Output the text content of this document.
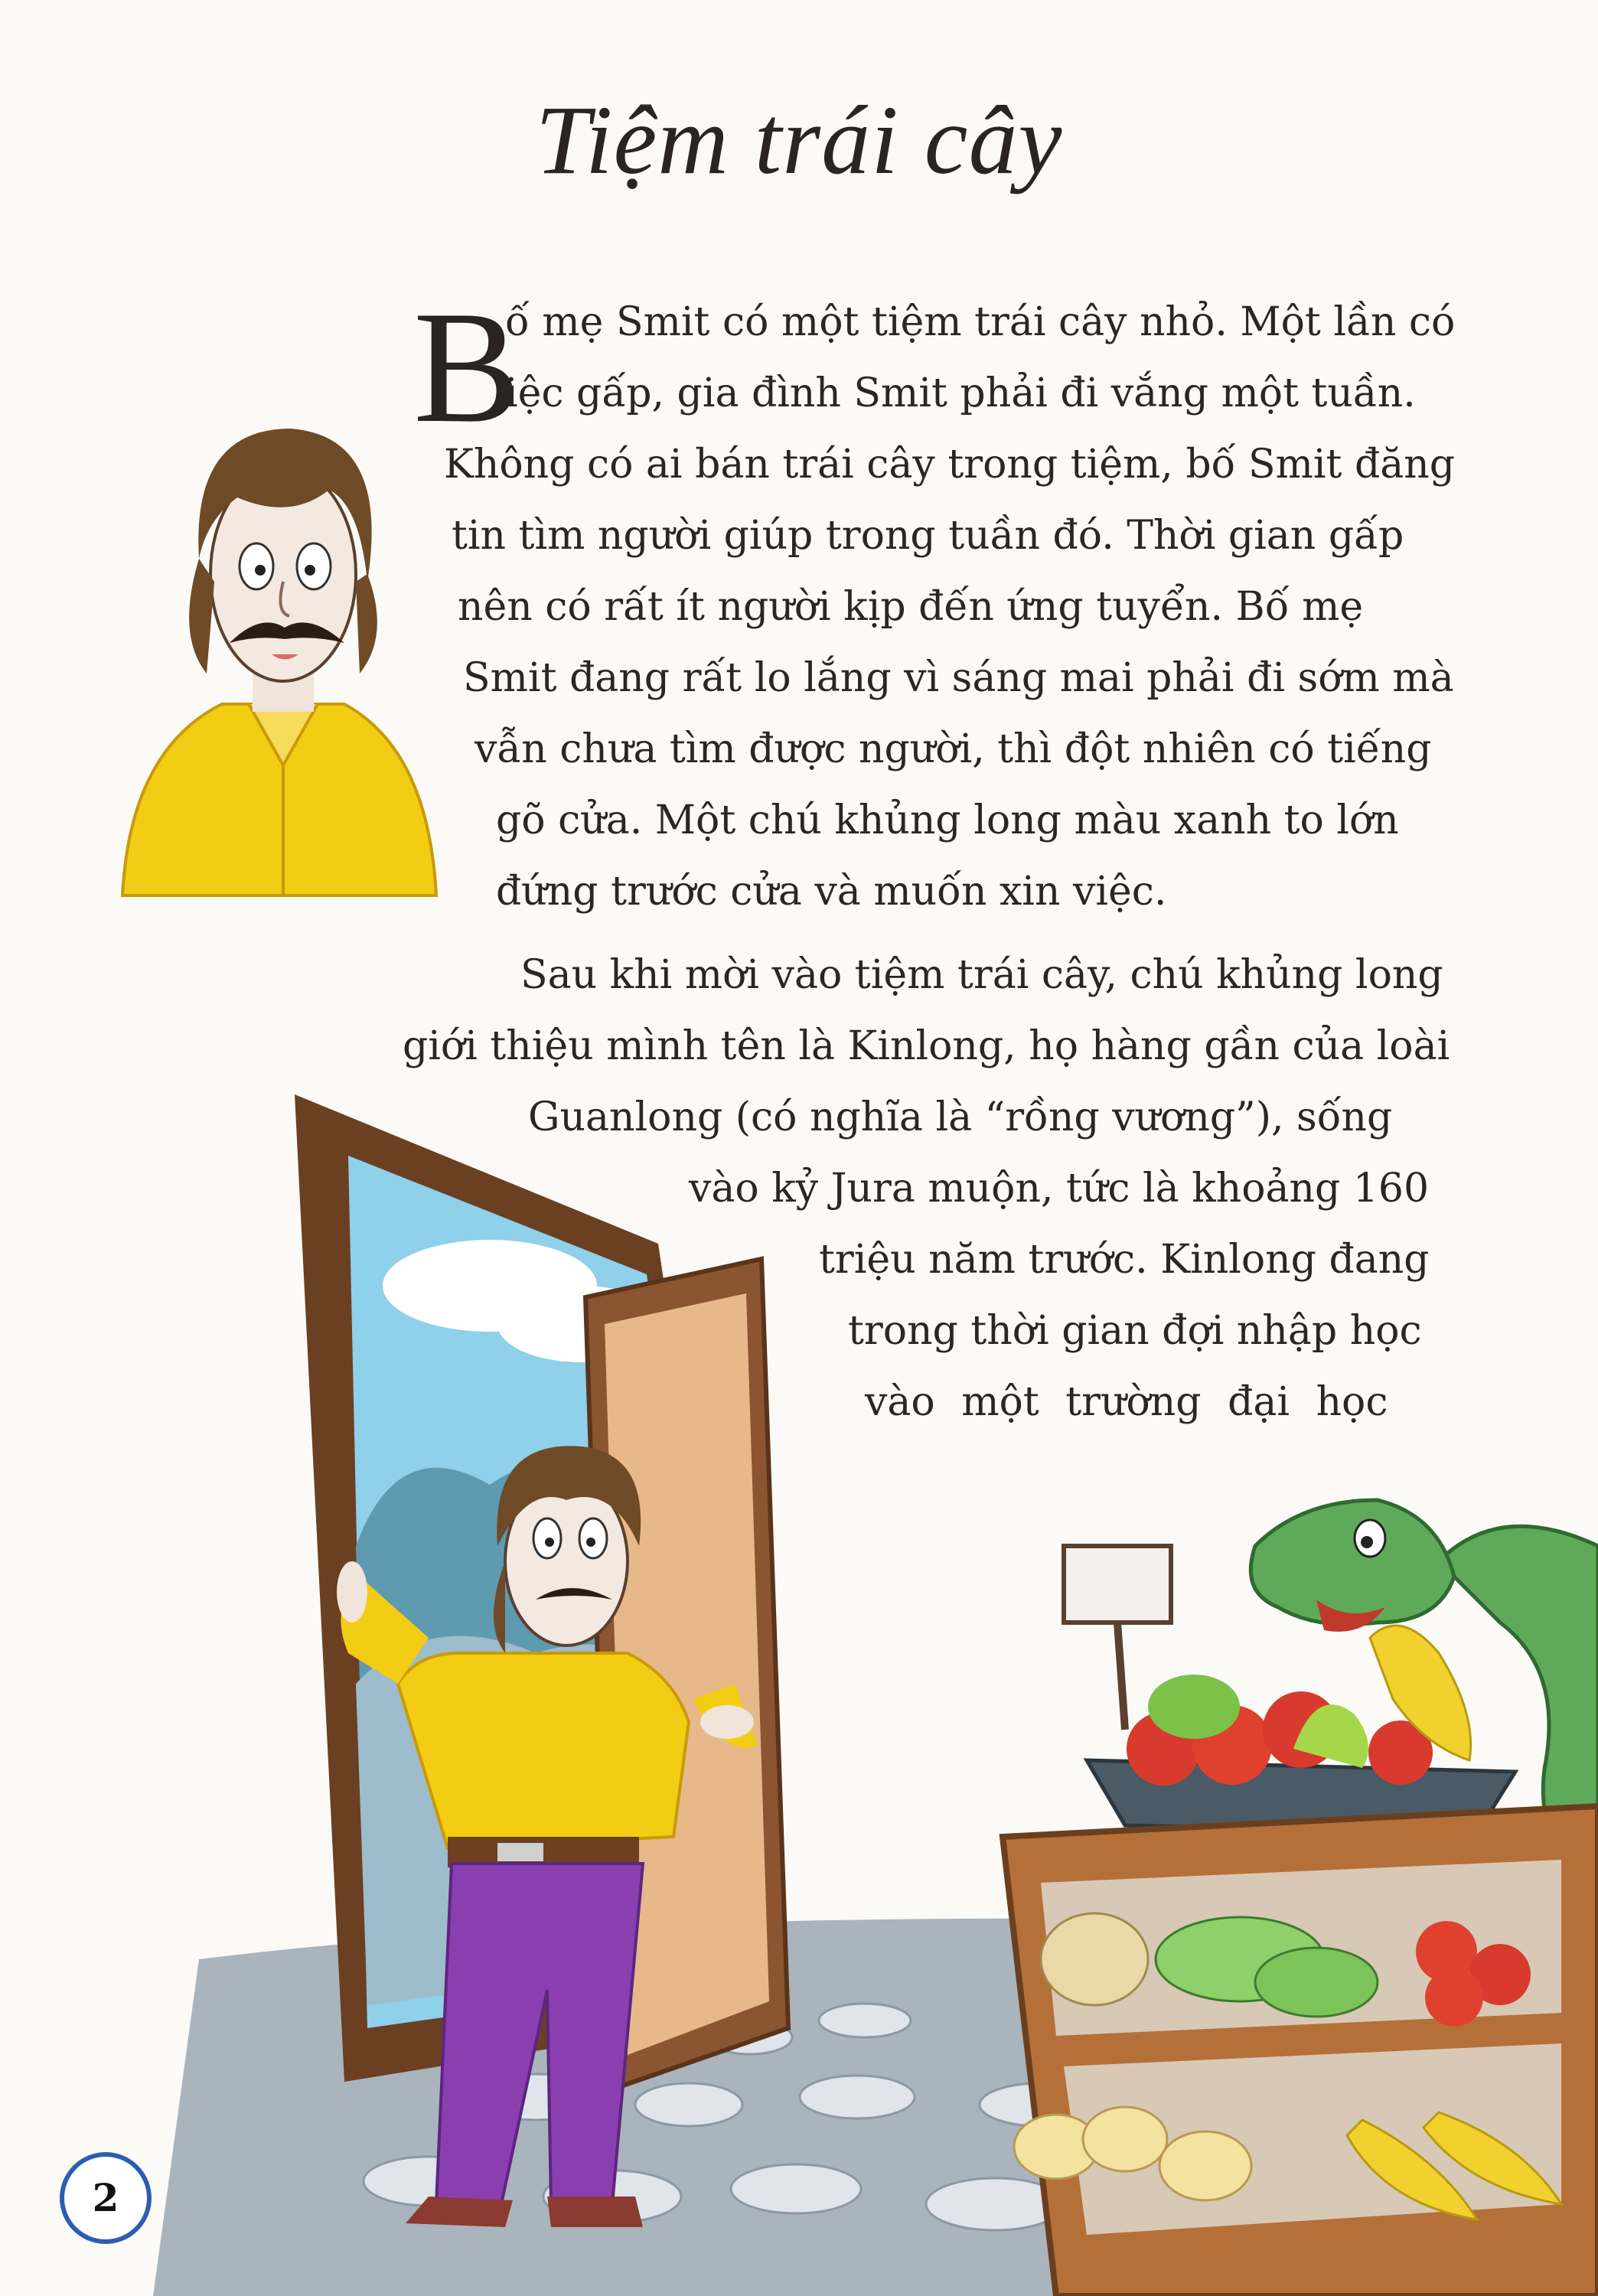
Tiệm trái cây
B
ố mẹ Smit có một tiệm trái cây nhỏ. Một lần có
iệc gấp, gia đình Smit phải đi vắng một tuần.
Không có ai bán trái cây trong tiệm, bố Smit đăng
tin tìm người giúp trong tuần đó. Thời gian gấp
nên có rất ít người kịp đến ứng tuyển. Bố mẹ
Smit đang rất lo lắng vì sáng mai phải đi sớm mà
vẫn chưa tìm được người, thì đột nhiên có tiếng
gõ cửa. Một chú khủng long màu xanh to lớn
đứng trước cửa và muốn xin việc.
Sau khi mời vào tiệm trái cây, chú khủng long
giới thiệu mình tên là Kinlong, họ hàng gần của loài
Guanlong (có nghĩa là “rồng vương”), sống
vào kỷ Jura muộn, tức là khoảng 160
triệu năm trước. Kinlong đang
trong thời gian đợi nhập học
vào một trường đại học
2
